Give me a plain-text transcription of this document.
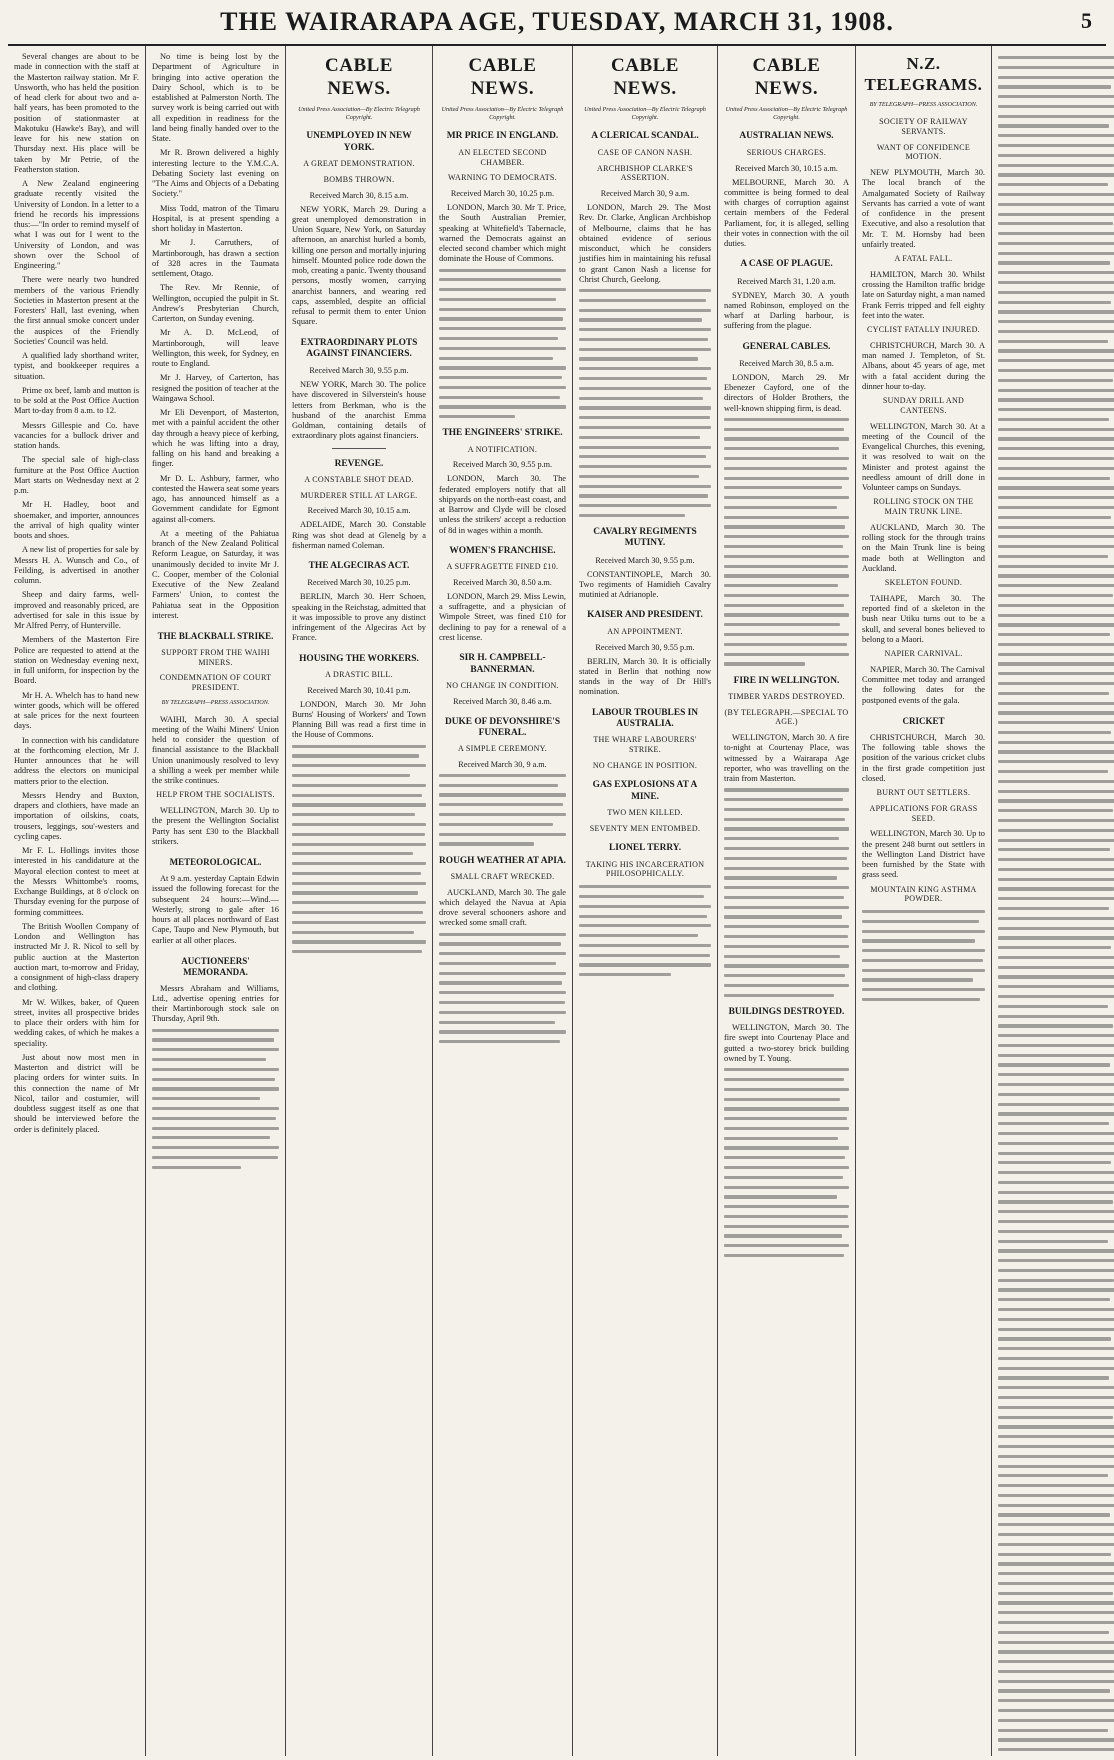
THE WAIRARAPA AGE, TUESDAY, MARCH 31, 1908.	5

Several changes are about to be made in connection with the staff at the Masterton railway station. Mr F. Unsworth, who has held the position of head clerk for about two and a-half years, has been promoted to the position of stationmaster at Makotuku (Hawke's Bay), and will leave for his new station on Thursday next. His place will be taken by Mr Petrie, of the Featherston station.

A New Zealand engineering graduate recently visited the University of London. In a letter to a friend he records his impressions thus:—"In order to remind myself of what I was out for I went to the University of London, and was shown over the School of Engineering."

There were nearly two hundred members of the various Friendly Societies in Masterton present at the Foresters' Hall, last evening, when the first annual smoke concert under the auspices of the Friendly Societies' Council was held.

A qualified lady shorthand writer, typist, and bookkeeper requires a situation.

Prime ox beef, lamb and mutton is to be sold at the Post Office Auction Mart to-day from 8 a.m. to 12.

Messrs Gillespie and Co. have vacancies for a bullock driver and station hands.

The special sale of high-class furniture at the Post Office Auction Mart starts on Wednesday next at 2 p.m.

Mr H. Hadley, boot and shoemaker, and importer, announces the arrival of high quality winter boots and shoes.

A new list of properties for sale by Messrs H. A. Wunsch and Co., of Feilding, is advertised in another column.

Sheep and dairy farms, well-improved and reasonably priced, are advertised for sale in this issue by Mr Alfred Perry, of Hunterville.

Members of the Masterton Fire Police are requested to attend at the station on Wednesday evening next, in full uniform, for inspection by the Board.

Mr H. A. Whelch has to hand new winter goods, which will be offered at sale prices for the next fourteen days.

In connection with his candidature at the forthcoming election, Mr J. Hunter announces that he will address the electors on municipal matters prior to the election.

Messrs Hendry and Buxton, drapers and clothiers, have made an importation of oilskins, coats, trousers, leggings, sou'-westers and cycling capes.

Mr F. L. Hollings invites those interested in his candidature at the Mayoral election contest to meet at the Messrs Whittombe's rooms, Exchange Buildings, at 8 o'clock on Thursday evening for the purpose of forming committees.

The British Woollen Company of London and Wellington has instructed Mr J. R. Nicol to sell by public auction at the Masterton auction mart, to-morrow and Friday, a consignment of high-class drapery and clothing.

Mr W. Wilkes, baker, of Queen street, invites all prospective brides to place their orders with him for wedding cakes, of which he makes a speciality.

Just about now most men in Masterton and district will be placing orders for winter suits. In this connection the name of Mr Nicol, tailor and costumier, will doubtless suggest itself as one that should be interviewed before the order is definitely placed.

No time is being lost by the Department of Agriculture in bringing into active operation the Dairy School, which is to be established at Palmerston North. The survey work is being carried out with all expedition in readiness for the land being finally handed over to the State.

Mr R. Brown delivered a highly interesting lecture to the Y.M.C.A. Debating Society last evening on "The Aims and Objects of a Debating Society."

Miss Todd, matron of the Timaru Hospital, is at present spending a short holiday in Masterton.

Mr J. Carruthers, of Martinborough, has drawn a section of 328 acres in the Taumata settlement, Otago.

The Rev. Mr Rennie, of Wellington, occupied the pulpit in St. Andrew's Presbyterian Church, Carterton, on Sunday evening.

Mr A. D. McLeod, of Martinborough, will leave Wellington, this week, for Sydney, en route to England.

Mr J. Harvey, of Carterton, has resigned the position of teacher at the Waingawa School.

Mr Eli Devenport, of Masterton, met with a painful accident the other day through a heavy piece of kerbing, which he was lifting into a dray, falling on his hand and breaking a finger.

Mr D. L. Ashbury, farmer, who contested the Hawera seat some years ago, has announced himself as a Government candidate for Egmont against all-comers.

At a meeting of the Pahiatua branch of the New Zealand Political Reform League, on Saturday, it was unanimously decided to invite Mr J. C. Cooper, member of the Colonial Executive of the New Zealand Farmers' Union, to contest the Pahiatua seat in the Opposition interest.

THE BLACKBALL STRIKE.
SUPPORT FROM THE WAIHI MINERS.
CONDEMNATION OF COURT PRESIDENT.
BY TELEGRAPH—PRESS ASSOCIATION.

WAIHI, March 30. A special meeting of the Waihi Miners' Union held to consider the question of financial assistance to the Blackball Union unanimously resolved to levy a shilling a week per member while the strike continues.

HELP FROM THE SOCIALISTS.

WELLINGTON, March 30. Up to the present the Wellington Socialist Party has sent £30 to the Blackball strikers.

METEOROLOGICAL.

At 9 a.m. yesterday Captain Edwin issued the following forecast for the subsequent 24 hours:—Wind.—Westerly, strong to gale after 16 hours at all places northward of East Cape, Taupo and New Plymouth, but earlier at all other places.

AUCTIONEERS' MEMORANDA.

Messrs Abraham and Williams, Ltd., advertise opening entries for their Martinborough stock sale on Thursday, April 9th.

CABLE NEWS.
United Press Association—By Electric Telegraph Copyright.
UNEMPLOYED IN NEW YORK.
A GREAT DEMONSTRATION.
BOMBS THROWN.
Received March 30, 8.15 a.m.

NEW YORK, March 29. During a great unemployed demonstration in Union Square, New York, on Saturday afternoon, an anarchist hurled a bomb, killing one person and mortally injuring himself. Mounted police rode down the mob, creating a panic. Twenty thousand persons, mostly women, carrying anarchist banners, and wearing red caps, assembled, despite an official refusal to permit them to enter Union Square.

EXTRAORDINARY PLOTS AGAINST FINANCIERS.
Received March 30, 9.55 p.m.

NEW YORK, March 30. The police have discovered in Silverstein's house letters from Berkman, who is the husband of the anarchist Emma Goldman, containing details of extraordinary plots against financiers.

REVENGE.
A CONSTABLE SHOT DEAD.
MURDERER STILL AT LARGE.
Received March 30, 10.15 a.m.

ADELAIDE, March 30. Constable Ring was shot dead at Glenelg by a fisherman named Coleman.

THE ALGECIRAS ACT.
Received March 30, 10.25 p.m.

BERLIN, March 30. Herr Schoen, speaking in the Reichstag, admitted that it was impossible to prove any distinct infringement of the Algeciras Act by France.

HOUSING THE WORKERS.
A DRASTIC BILL.
Received March 30, 10.41 p.m.

LONDON, March 30. Mr John Burns' Housing of Workers' and Town Planning Bill was read a first time in the House of Commons.

CABLE NEWS.
United Press Association—By Electric Telegraph Copyright.
MR PRICE IN ENGLAND.
AN ELECTED SECOND CHAMBER.
WARNING TO DEMOCRATS.
Received March 30, 10.25 p.m.

LONDON, March 30. Mr T. Price, the South Australian Premier, speaking at Whitefield's Tabernacle, warned the Democrats against an elected second chamber which might dominate the House of Commons.

THE ENGINEERS' STRIKE.
A NOTIFICATION.
Received March 30, 9.55 p.m.

LONDON, March 30. The federated employers notify that all shipyards on the north-east coast, and at Barrow and Clyde will be closed unless the strikers' accept a reduction of 8d in wages within a month.

WOMEN'S FRANCHISE.
A SUFFRAGETTE FINED £10.
Received March 30, 8.50 a.m.

LONDON, March 29. Miss Lewin, a suffragette, and a physician of Wimpole Street, was fined £10 for declining to pay for a renewal of a crest license.

SIR H. CAMPBELL-BANNERMAN.
NO CHANGE IN CONDITION.
Received March 30, 8.46 a.m.
DUKE OF DEVONSHIRE'S FUNERAL.
A SIMPLE CEREMONY.
Received March 30, 9 a.m.
ROUGH WEATHER AT APIA.
SMALL CRAFT WRECKED.

AUCKLAND, March 30. The gale which delayed the Navua at Apia drove several schooners ashore and wrecked some small craft.

CABLE NEWS.
United Press Association—By Electric Telegraph Copyright.
A CLERICAL SCANDAL.
CASE OF CANON NASH.
ARCHBISHOP CLARKE'S ASSERTION.
Received March 30, 9 a.m.

LONDON, March 29. The Most Rev. Dr. Clarke, Anglican Archbishop of Melbourne, claims that he has obtained evidence of serious misconduct, which he considers justifies him in maintaining his refusal to grant Canon Nash a license for Christ Church, Geelong.

CAVALRY REGIMENTS MUTINY.
Received March 30, 9.55 p.m.

CONSTANTINOPLE, March 30. Two regiments of Hamidieh Cavalry mutinied at Adrianople.

KAISER AND PRESIDENT.
AN APPOINTMENT.
Received March 30, 9.55 p.m.

BERLIN, March 30. It is officially stated in Berlin that nothing now stands in the way of Dr Hill's nomination.

LABOUR TROUBLES IN AUSTRALIA.
THE WHARF LABOURERS' STRIKE.
NO CHANGE IN POSITION.
GAS EXPLOSIONS AT A MINE.
TWO MEN KILLED.
SEVENTY MEN ENTOMBED.
LIONEL TERRY.
TAKING HIS INCARCERATION PHILOSOPHICALLY.
CABLE NEWS.
United Press Association—By Electric Telegraph Copyright.
AUSTRALIAN NEWS.
SERIOUS CHARGES.
Received March 30, 10.15 a.m.

MELBOURNE, March 30. A committee is being formed to deal with charges of corruption against certain members of the Federal Parliament, for, it is alleged, selling their votes in connection with the oil duties.

A CASE OF PLAGUE.
Received March 31, 1.20 a.m.

SYDNEY, March 30. A youth named Robinson, employed on the wharf at Darling harbour, is suffering from the plague.

GENERAL CABLES.
Received March 30, 8.5 a.m.

LONDON, March 29. Mr Ebenezer Cayford, one of the directors of Holder Brothers, the well-known shipping firm, is dead.

FIRE IN WELLINGTON.
TIMBER YARDS DESTROYED.
(BY TELEGRAPH.—SPECIAL TO AGE.)

WELLINGTON, March 30. A fire to-night at Courtenay Place, was witnessed by a Wairarapa Age reporter, who was travelling on the train from Masterton.

BUILDINGS DESTROYED.

WELLINGTON, March 30. The fire swept into Courtenay Place and gutted a two-storey brick building owned by T. Young.

N.Z. TELEGRAMS.
BY TELEGRAPH—PRESS ASSOCIATION.
SOCIETY OF RAILWAY SERVANTS.
WANT OF CONFIDENCE MOTION.

NEW PLYMOUTH, March 30. The local branch of the Amalgamated Society of Railway Servants has carried a vote of want of confidence in the present Executive, and also a resolution that Mr. T. M. Hornsby had been unfairly treated.

A FATAL FALL.

HAMILTON, March 30. Whilst crossing the Hamilton traffic bridge late on Saturday night, a man named Frank Ferris tripped and fell eighty feet into the water.

CYCLIST FATALLY INJURED.

CHRISTCHURCH, March 30. A man named J. Templeton, of St. Albans, about 45 years of age, met with a fatal accident during the dinner hour to-day.

SUNDAY DRILL AND CANTEENS.

WELLINGTON, March 30. At a meeting of the Council of the Evangelical Churches, this evening, it was resolved to wait on the Minister and protest against the needless amount of drill done in Volunteer camps on Sundays.

ROLLING STOCK ON THE MAIN TRUNK LINE.

AUCKLAND, March 30. The rolling stock for the through trains on the Main Trunk line is being made both at Wellington and Auckland.

SKELETON FOUND.

TAIHAPE, March 30. The reported find of a skeleton in the bush near Utiku turns out to be a skull, and several bones believed to belong to a Maori.

NAPIER CARNIVAL.

NAPIER, March 30. The Carnival Committee met today and arranged the following dates for the postponed events of the gala.

CRICKET

CHRISTCHURCH, March 30. The following table shows the position of the various cricket clubs in the first grade competition just closed.

BURNT OUT SETTLERS.
APPLICATIONS FOR GRASS SEED.

WELLINGTON, March 30. Up to the present 248 burnt out settlers in the Wellington Land District have been furnished by the State with grass seed.

MOUNTAIN KING ASTHMA POWDER.
